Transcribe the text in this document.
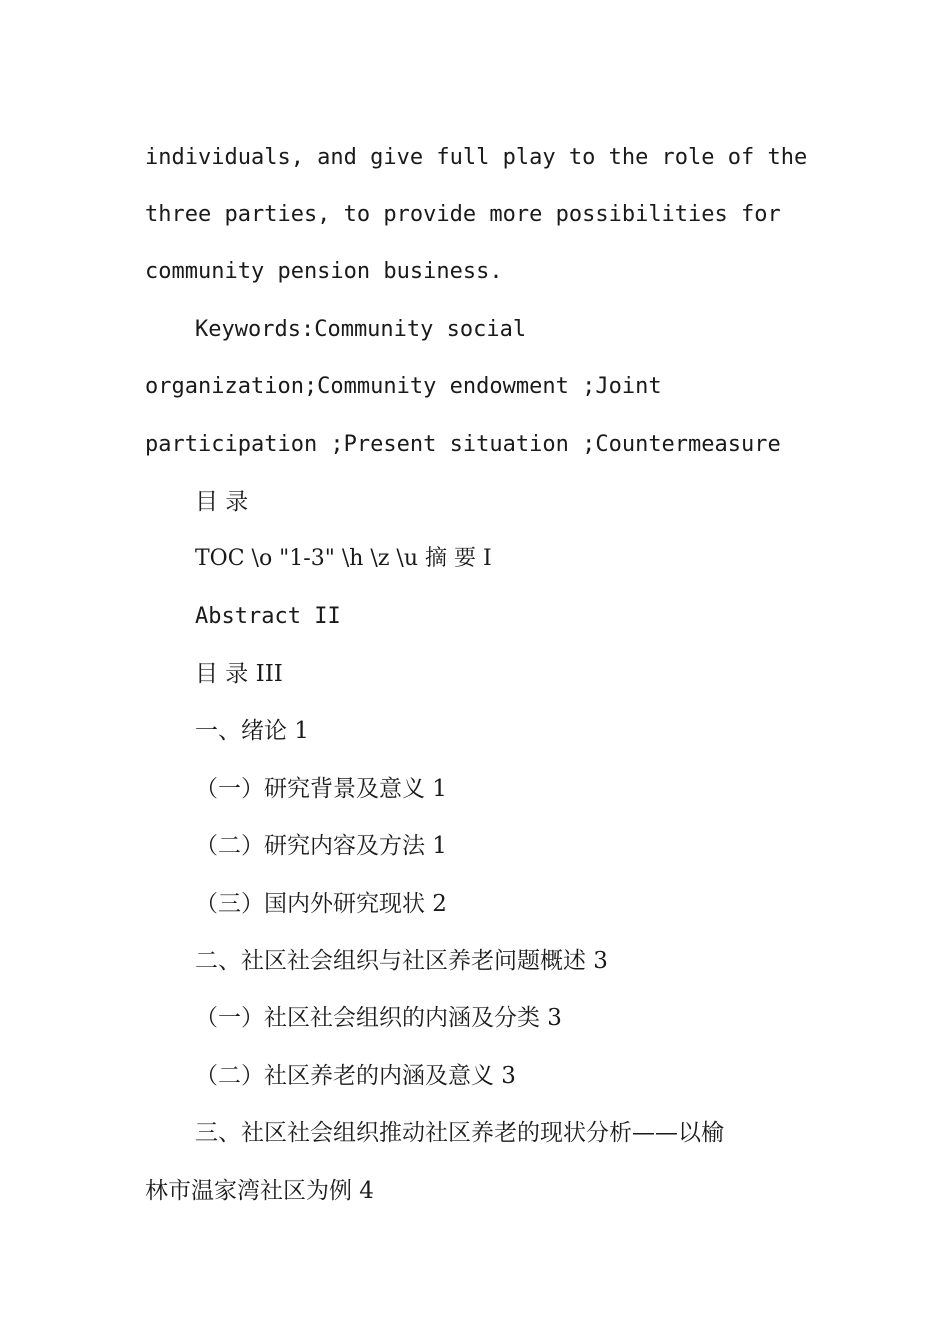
individuals, and give full play to the role of the
three parties, to provide more possibilities for
community pension business.
Keywords:Community social
organization;Community endowment ;Joint
participation ;Present situation ;Countermeasure
目 录
TOC \o "1-3" \h \z \u 摘 要 I
Abstract II
目 录 III
一、绪论 1
（一）研究背景及意义 1
（二）研究内容及方法 1
（三）国内外研究现状 2
二、社区社会组织与社区养老问题概述 3
（一）社区社会组织的内涵及分类 3
（二）社区养老的内涵及意义 3
三、社区社会组织推动社区养老的现状分析——以榆
林市温家湾社区为例 4
